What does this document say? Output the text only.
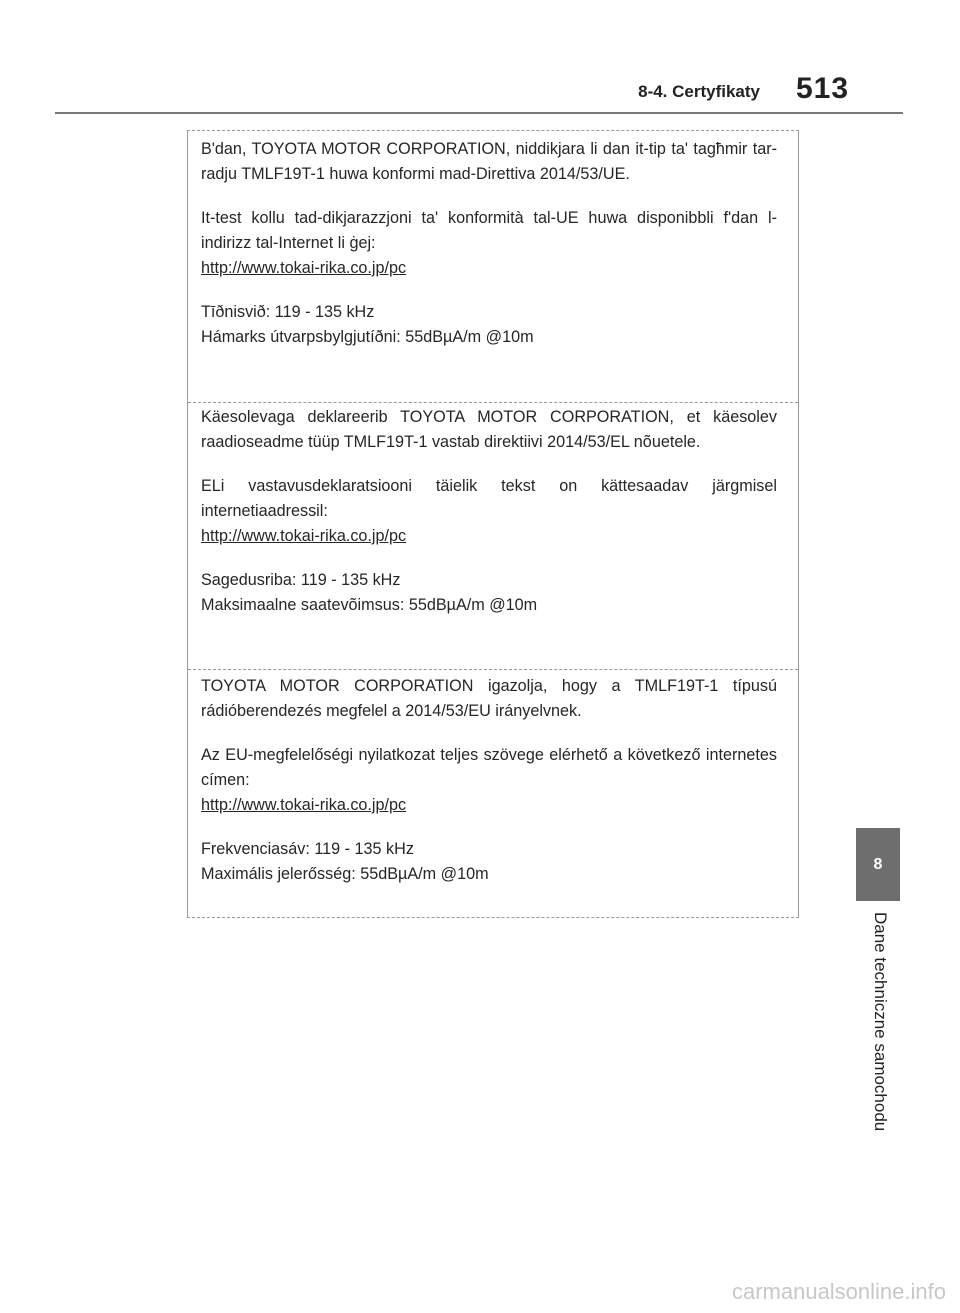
8-4. Certyfikaty 513

B'dan, TOYOTA MOTOR CORPORATION, niddikjara li dan it-tip ta' tagħmir tar-radju TMLF19T-1 huwa konformi mad-Direttiva 2014/53/UE.

It-test kollu tad-dikjarazzjoni ta' konformità tal-UE huwa disponibbli f'dan l-indirizz tal-Internet li ġej:

http://www.tokai-rika.co.jp/pc

Tīðnisvið: 119 - 135 kHz

Hámarks útvarpsbylgjutíðni: 55dBµA/m @10m

Käesolevaga deklareerib TOYOTA MOTOR CORPORATION, et käesolev raadioseadme tüüp TMLF19T-1 vastab direktiivi 2014/53/EL nõuetele.

ELi vastavusdeklaratsiooni täielik tekst on kättesaadav järgmisel internetiaadressil:

http://www.tokai-rika.co.jp/pc

Sagedusriba: 119 - 135 kHz

Maksimaalne saatevõimsus: 55dBµA/m @10m

TOYOTA MOTOR CORPORATION igazolja, hogy a TMLF19T-1 típusú rádióberendezés megfelel a 2014/53/EU irányelvnek.

Az EU-megfelelőségi nyilatkozat teljes szövege elérhető a következő internetes címen:

http://www.tokai-rika.co.jp/pc

Frekvenciasáv: 119 - 135 kHz

Maximális jelerősség: 55dBµA/m @10m

8
Dane techniczne samochodu
carmanualsonline.info
